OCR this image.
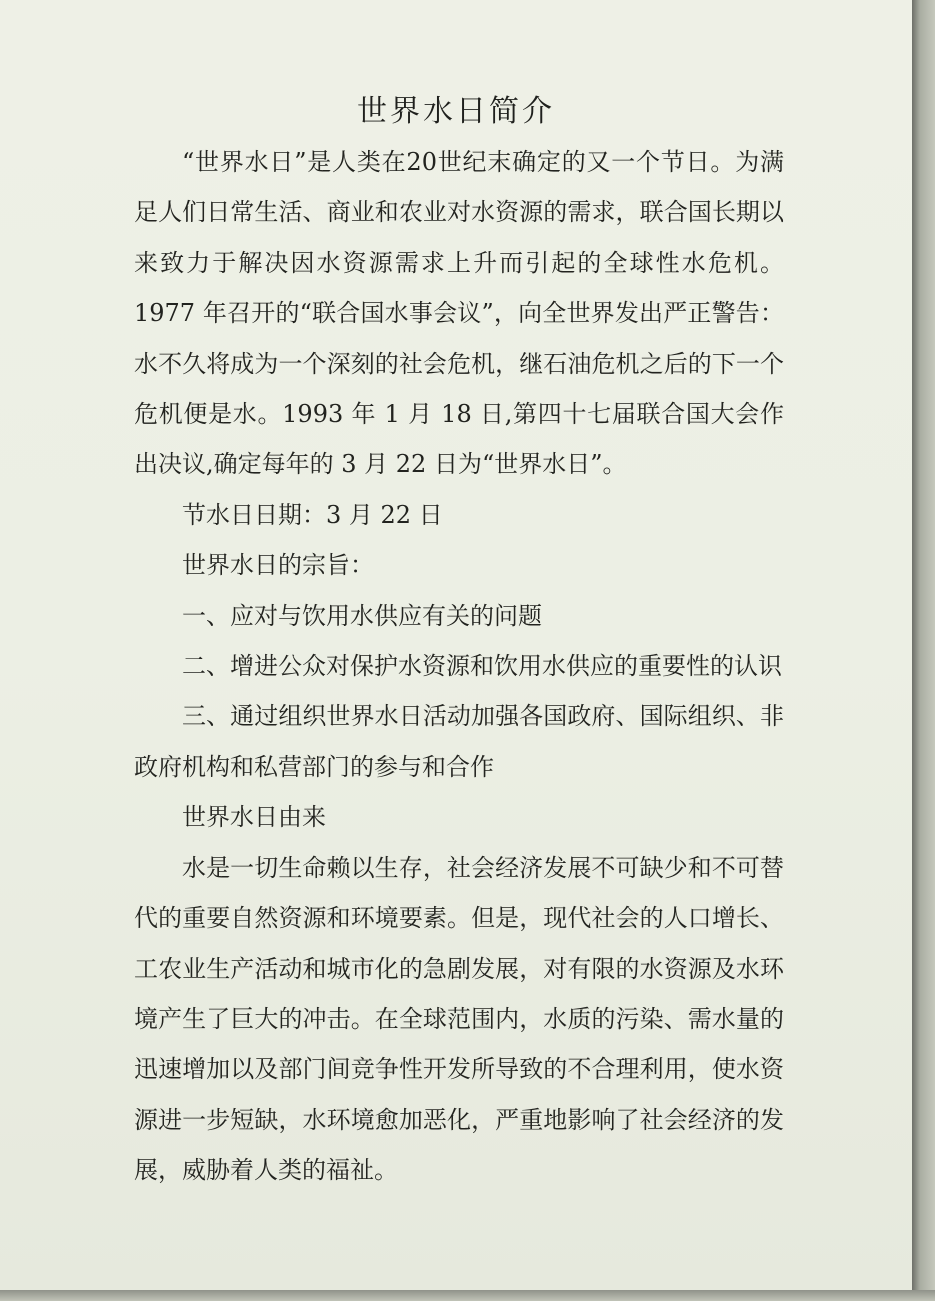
世界水日简介

“世界水日”是人类在20世纪末确定的又一个节日。为满足人们日常生活、商业和农业对水资源的需求，联合国长期以来致力于解决因水资源需求上升而引起的全球性水危机。1977 年召开的“联合国水事会议”，向全世界发出严正警告：水不久将成为一个深刻的社会危机，继石油危机之后的下一个危机便是水。1993 年 1 月 18 日,第四十七届联合国大会作出决议,确定每年的 3 月 22 日为“世界水日”。

节水日日期：3 月 22 日

世界水日的宗旨：

一、应对与饮用水供应有关的问题

二、增进公众对保护水资源和饮用水供应的重要性的认识

三、通过组织世界水日活动加强各国政府、国际组织、非政府机构和私营部门的参与和合作

世界水日由来

水是一切生命赖以生存，社会经济发展不可缺少和不可替代的重要自然资源和环境要素。但是，现代社会的人口增长、工农业生产活动和城市化的急剧发展，对有限的水资源及水环境产生了巨大的冲击。在全球范围内，水质的污染、需水量的迅速增加以及部门间竞争性开发所导致的不合理利用，使水资源进一步短缺，水环境愈加恶化，严重地影响了社会经济的发展，威胁着人类的福祉。
